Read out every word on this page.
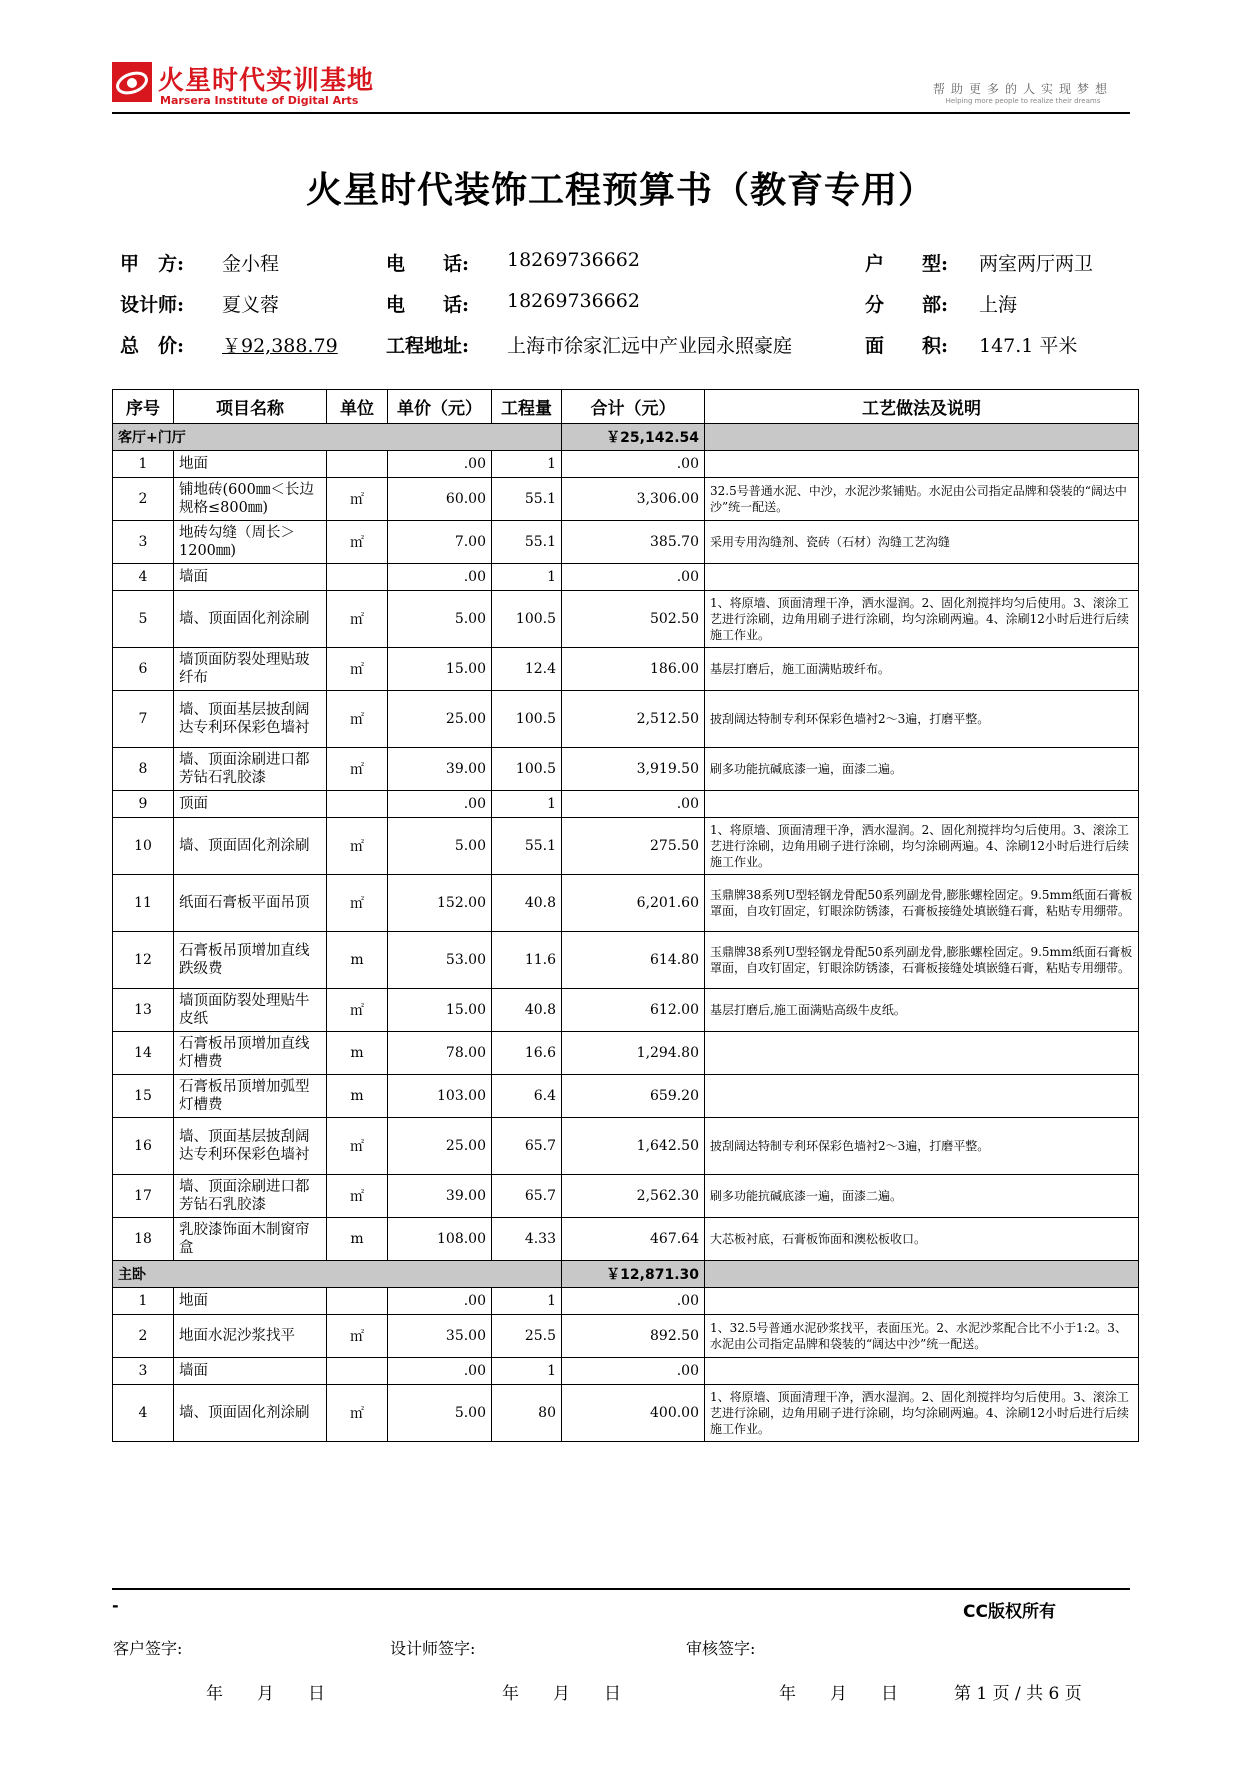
火星时代实训基地
Marsera Institute of Digital Arts
帮助更多的人实现梦想
Helping more people to realize their dreams
火星时代装饰工程预算书（教育专用）
甲　方: 金小程	电　　话: 18269736662	户　　型: 两室两厅两卫
设计师: 夏义蓉	电　　话: 18269736662	分　　部: 上海
总　价: ￥92,388.79	工程地址: 上海市徐家汇远中产业园永照豪庭	面　　积: 147.1 平米
序号	项目名称	单位	单价（元）	工程量	合计（元）	工艺做法及说明
客厅+门厅					￥25,142.54	
1	地面		.00	1	.00	
2	铺地砖(600㎜＜长边规格≤800㎜)	㎡	60.00	55.1	3,306.00	32.5号普通水泥、中沙，水泥沙浆铺贴。水泥由公司指定品牌和袋装的“阔达中沙”统一配送。
3	地砖勾缝（周长＞1200㎜)	㎡	7.00	55.1	385.70	采用专用沟缝剂、瓷砖（石材）沟缝工艺沟缝
4	墙面		.00	1	.00	
5	墙、顶面固化剂涂刷	㎡	5.00	100.5	502.50	1、将原墙、顶面清理干净，洒水湿润。2、固化剂搅拌均匀后使用。3、滚涂工艺进行涂刷，边角用刷子进行涂刷，均匀涂刷两遍。4、涂刷12小时后进行后续施工作业。
6	墙顶面防裂处理贴玻纤布	㎡	15.00	12.4	186.00	基层打磨后，施工面满贴玻纤布。
7	墙、顶面基层披刮阔达专利环保彩色墙衬	㎡	25.00	100.5	2,512.50	披刮阔达特制专利环保彩色墙衬2～3遍，打磨平整。
8	墙、顶面涂刷进口都芳钻石乳胶漆	㎡	39.00	100.5	3,919.50	刷多功能抗碱底漆一遍，面漆二遍。
9	顶面		.00	1	.00	
10	墙、顶面固化剂涂刷	㎡	5.00	55.1	275.50	1、将原墙、顶面清理干净，洒水湿润。2、固化剂搅拌均匀后使用。3、滚涂工艺进行涂刷，边角用刷子进行涂刷，均匀涂刷两遍。4、涂刷12小时后进行后续施工作业。
11	纸面石膏板平面吊顶	㎡	152.00	40.8	6,201.60	玉鼎牌38系列U型轻钢龙骨配50系列副龙骨,膨胀螺栓固定。9.5mm纸面石膏板罩面，自攻钉固定，钉眼涂防锈漆，石膏板接缝处填嵌缝石膏，粘贴专用绷带。
12	石膏板吊顶增加直线跌级费	m	53.00	11.6	614.80	玉鼎牌38系列U型轻钢龙骨配50系列副龙骨,膨胀螺栓固定。9.5mm纸面石膏板罩面，自攻钉固定，钉眼涂防锈漆，石膏板接缝处填嵌缝石膏，粘贴专用绷带。
13	墙顶面防裂处理贴牛皮纸	㎡	15.00	40.8	612.00	基层打磨后,施工面满贴高级牛皮纸。
14	石膏板吊顶增加直线灯槽费	m	78.00	16.6	1,294.80	
15	石膏板吊顶增加弧型灯槽费	m	103.00	6.4	659.20	
16	墙、顶面基层披刮阔达专利环保彩色墙衬	㎡	25.00	65.7	1,642.50	披刮阔达特制专利环保彩色墙衬2～3遍，打磨平整。
17	墙、顶面涂刷进口都芳钻石乳胶漆	㎡	39.00	65.7	2,562.30	刷多功能抗碱底漆一遍，面漆二遍。
18	乳胶漆饰面木制窗帘盒	m	108.00	4.33	467.64	大芯板衬底，石膏板饰面和澳松板收口。
主卧					￥12,871.30	
1	地面		.00	1	.00	
2	地面水泥沙浆找平	㎡	35.00	25.5	892.50	1、32.5号普通水泥砂浆找平，表面压光。2、水泥沙浆配合比不小于1:2。3、水泥由公司指定品牌和袋装的“阔达中沙”统一配送。
3	墙面		.00	1	.00	
4	墙、顶面固化剂涂刷	㎡	5.00	80	400.00	1、将原墙、顶面清理干净，洒水湿润。2、固化剂搅拌均匀后使用。3、滚涂工艺进行涂刷，边角用刷子进行涂刷，均匀涂刷两遍。4、涂刷12小时后进行后续施工作业。
-	CC版权所有
客户签字:	设计师签字:	审核签字:
年　　月　　日	年　　月　　日	年　　月　　日	第 1 页 / 共 6 页
